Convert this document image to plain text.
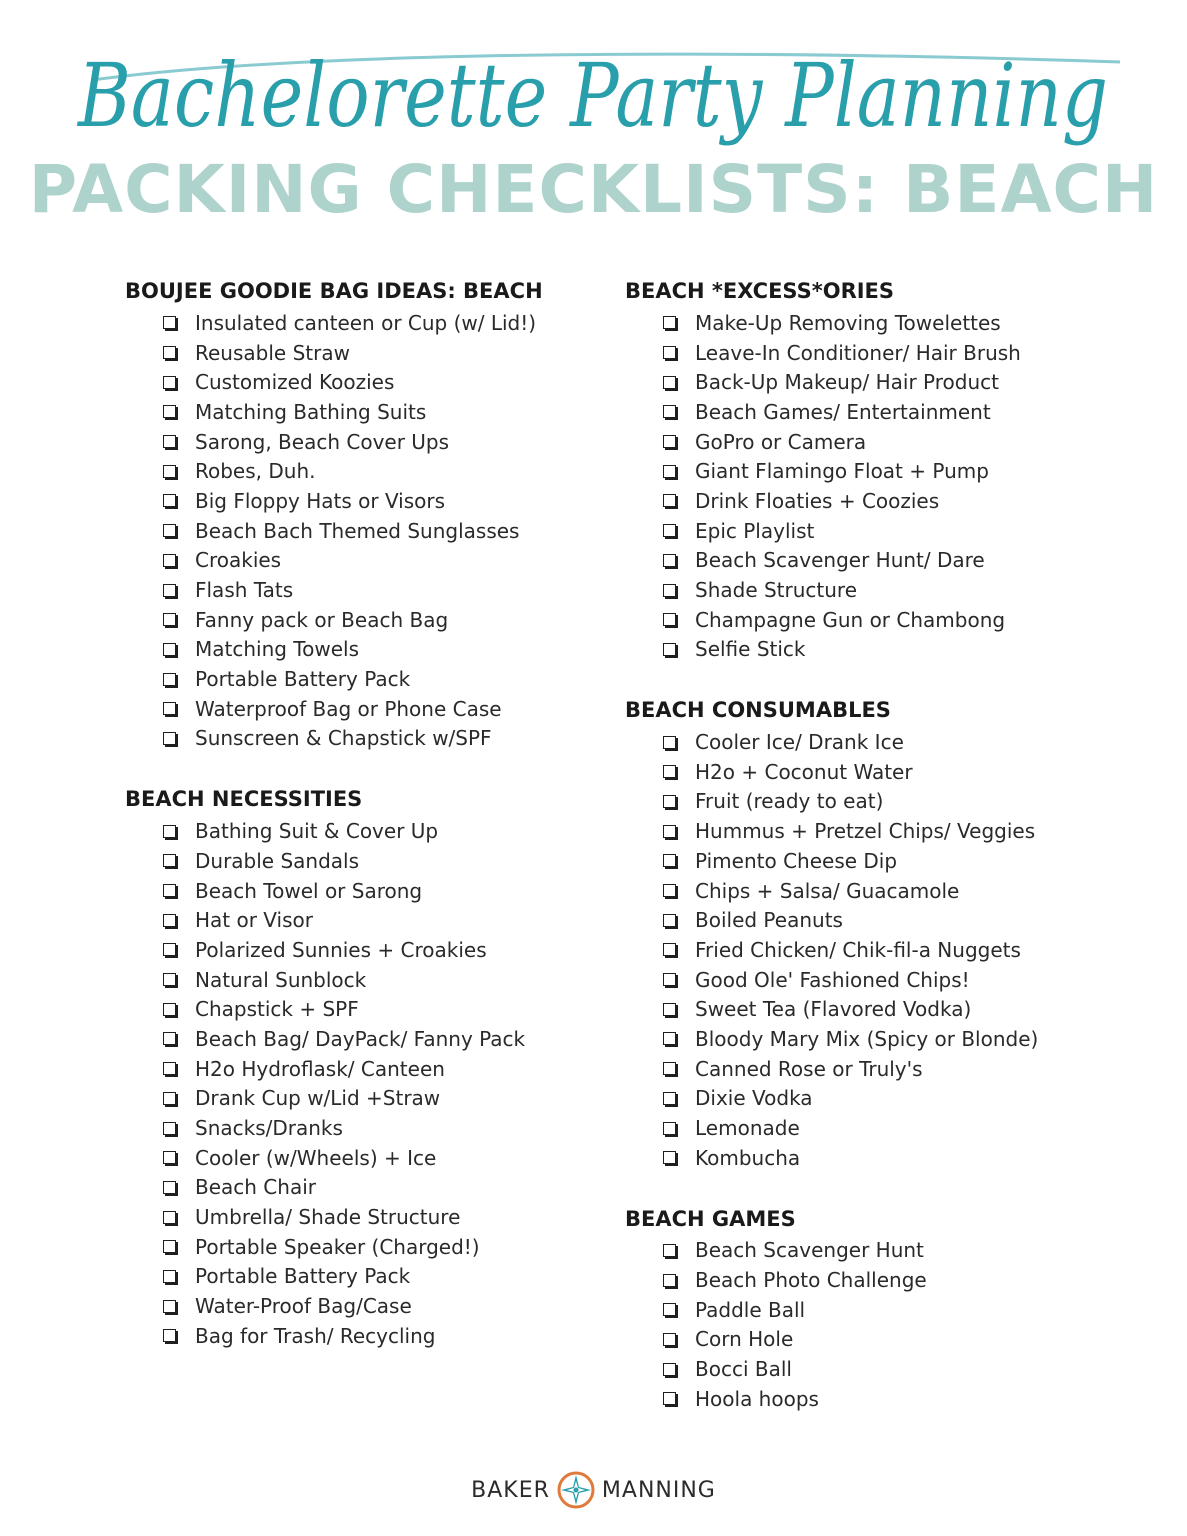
Bachelorette Party Planning
PACKING CHECKLISTS: BEACH
BOUJEE GOODIE BAG IDEAS: BEACH
Insulated canteen or Cup (w/ Lid!)
Reusable Straw
Customized Koozies
Matching Bathing Suits
Sarong, Beach Cover Ups
Robes, Duh.
Big Floppy Hats or Visors
Beach Bach Themed Sunglasses
Croakies
Flash Tats
Fanny pack or Beach Bag
Matching Towels
Portable Battery Pack
Waterproof Bag or Phone Case
Sunscreen & Chapstick w/SPF
BEACH NECESSITIES
Bathing Suit & Cover Up
Durable Sandals
Beach Towel or Sarong
Hat or Visor
Polarized Sunnies + Croakies
Natural Sunblock
Chapstick + SPF
Beach Bag/ DayPack/ Fanny Pack
H2o Hydroflask/ Canteen
Drank Cup w/Lid +Straw
Snacks/Dranks
Cooler (w/Wheels) + Ice
Beach Chair
Umbrella/ Shade Structure
Portable Speaker (Charged!)
Portable Battery Pack
Water-Proof Bag/Case
Bag for Trash/ Recycling
BEACH *EXCESS*ORIES
Make-Up Removing Towelettes
Leave-In Conditioner/ Hair Brush
Back-Up Makeup/ Hair Product
Beach Games/ Entertainment
GoPro or Camera
Giant Flamingo Float + Pump
Drink Floaties + Coozies
Epic Playlist
Beach Scavenger Hunt/ Dare
Shade Structure
Champagne Gun or Chambong
Selfie Stick
BEACH CONSUMABLES
Cooler Ice/ Drank Ice
H2o + Coconut Water
Fruit (ready to eat)
Hummus + Pretzel Chips/ Veggies
Pimento Cheese Dip
Chips + Salsa/ Guacamole
Boiled Peanuts
Fried Chicken/ Chik-fil-a Nuggets
Good Ole' Fashioned Chips!
Sweet Tea (Flavored Vodka)
Bloody Mary Mix (Spicy or Blonde)
Canned Rose or Truly's
Dixie Vodka
Lemonade
Kombucha
BEACH GAMES
Beach Scavenger Hunt
Beach Photo Challenge
Paddle Ball
Corn Hole
Bocci Ball
Hoola hoops
BAKER MANNING
